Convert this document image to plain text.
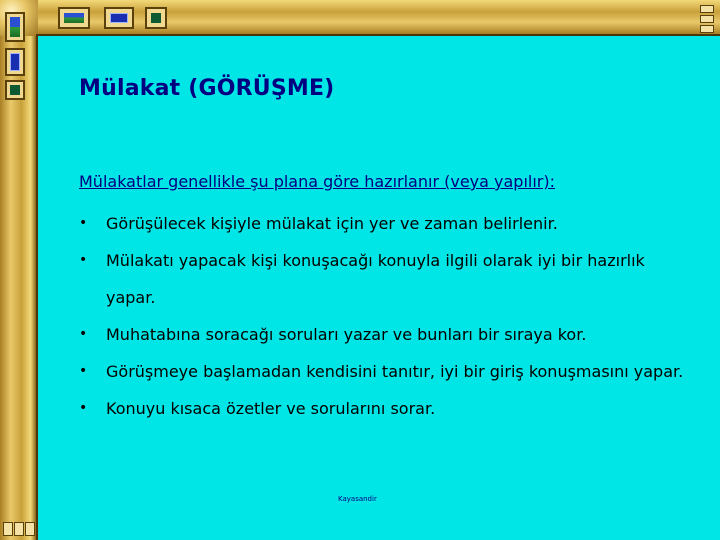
Mülakat (GÖRÜŞME)
Mülakatlar genellikle şu plana göre hazırlanır (veya yapılır):
• Görüşülecek kişiyle mülakat için yer ve zaman belirlenir.
• Mülakatı yapacak kişi konuşacağı konuyla ilgili olarak iyi bir hazırlık yapar.
• Muhatabına soracağı soruları yazar ve bunları bir sıraya kor.
• Görüşmeye başlamadan kendisini tanıtır, iyi bir giriş konuşmasını yapar.
• Konuyu kısaca özetler ve sorularını sorar.
Kayasandir
